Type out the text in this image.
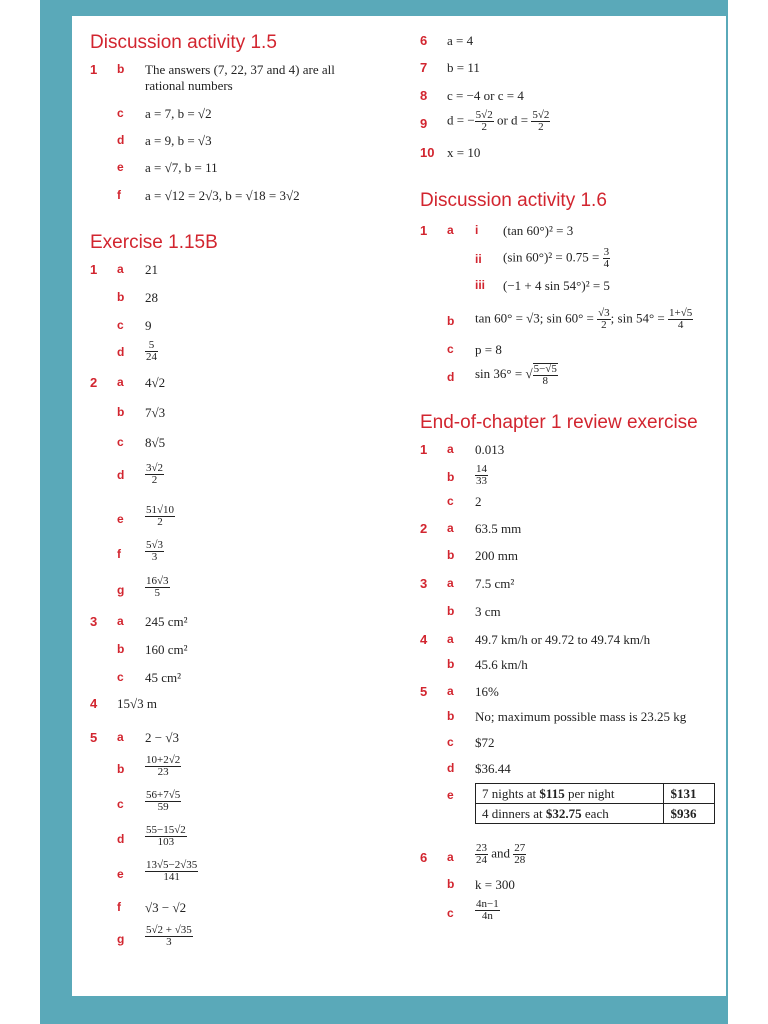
Discussion activity 1.5
1 b The answers (7, 22, 37 and 4) are all
rational numbers
c a = 7, b = √2
d a = 9, b = √3
e a = √7, b = 11
f a = √12 = 2√3, b = √18 = 3√2
Exercise 1.15B
1 a 21
b 28
c 9
d $\frac{5}{24}$
2 a 4√2
b 7√3
c 8√5
d $\frac{3√2}{2}$
e $\frac{51√10}{2}$
f $\frac{5√3}{3}$
g $\frac{16√3}{5}$
3 a 245 cm²
b 160 cm²
c 45 cm²
4 15√3 m
5 a 2 − √3
b $\frac{10+2√2}{23}$
c $\frac{56+7√5}{59}$
d $\frac{55-15√2}{103}$
e $\frac{13√5-2√35}{141}$
f √3 − √2
g $\frac{5√2 + √35}{3}$
6 a = 4
7 b = 11
8 c = −4 or c = 4
9 d = − $\frac{5√2}{2}$ or $d = \frac{5√2}{2}$
10 x = 10
Discussion activity 1.6
1 a i (tan 60°)² = 3
ii (sin $60^\circ)^2 = 0.75 = \frac{3}{4}$
iii (−1 + 4 sin 54°)² = 5
b tan 60° = √3; $\sin 60^\circ = \frac{√3}{2}$ ; $\sin 54^\circ = \frac{1+√5}{4}$
c p = 8
d sin 36° = √ $\frac{5-√5}{8}$
End-of-chapter 1 review exercise
1 a 0.013
b $\frac{14}{33}$
c 2
2 a 63.5 mm
b 200 mm
3 a 7.5 cm²
b 3 cm
4 a 49.7 km/h or 49.72 to 49.74 km/h
b 45.6 km/h
5 a 16%
b No; maximum possible mass is 23.25 kg
c $72
d $36.44
e 7 nights at $115 per night	$131
4 dinners at $32.75 each	$936
6 a $\frac{23}{24}$ and $\frac{27}{28}$
b k = 300
c $\frac{4n-1}{4n}$
